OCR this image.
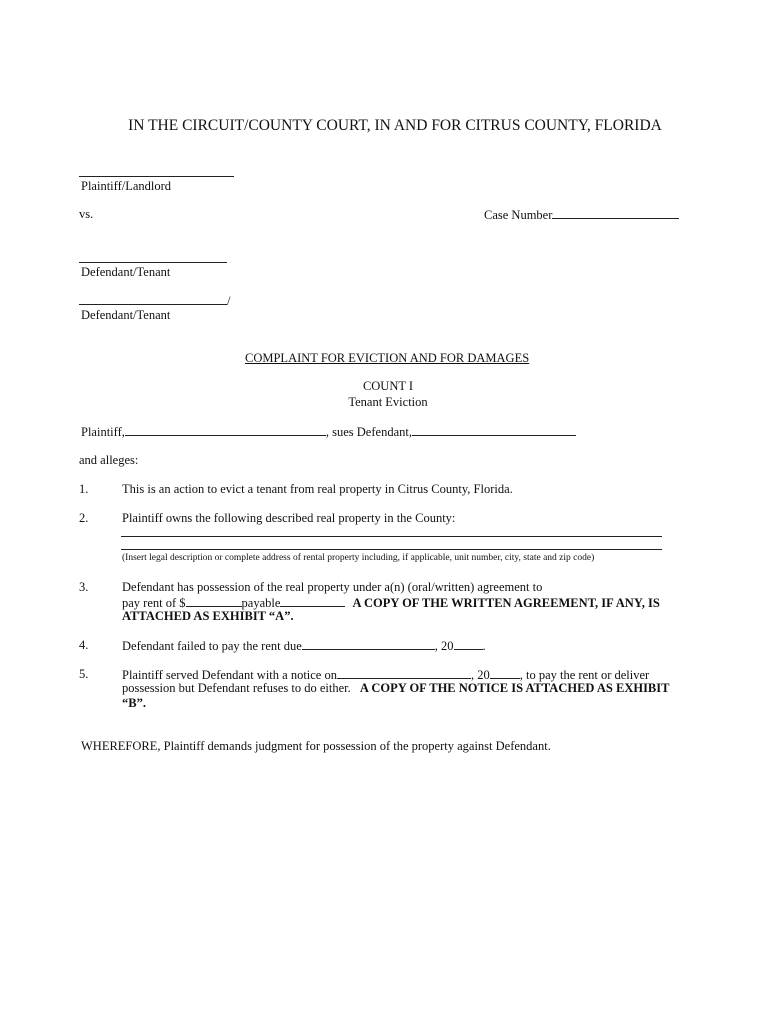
IN THE CIRCUIT/COUNTY COURT, IN AND FOR CITRUS COUNTY, FLORIDA
Plaintiff/Landlord
vs.	Case Number
Defendant/Tenant
/
Defendant/Tenant
COMPLAINT FOR EVICTION AND FOR DAMAGES
COUNT I
Tenant Eviction
Plaintiff,	, sues Defendant,
and alleges:
1.	This is an action to evict a tenant from real property in Citrus County, Florida.
2.	Plaintiff owns the following described real property in the County:
(Insert legal description or complete address of rental property including, if applicable, unit number, city, state and zip code)
3.	Defendant has possession of the real property under a(n) (oral/written) agreement to
pay rent of $	payable	A COPY OF THE WRITTEN AGREEMENT, IF ANY, IS
ATTACHED AS EXHIBIT “A”.
4.	Defendant failed to pay the rent due	, 20 .
5.	Plaintiff served Defendant with a notice on	, 20 , to pay the rent or deliver
possession but Defendant refuses to do either. A COPY OF THE NOTICE IS ATTACHED AS EXHIBIT
“B”.
WHEREFORE, Plaintiff demands judgment for possession of the property against Defendant.
